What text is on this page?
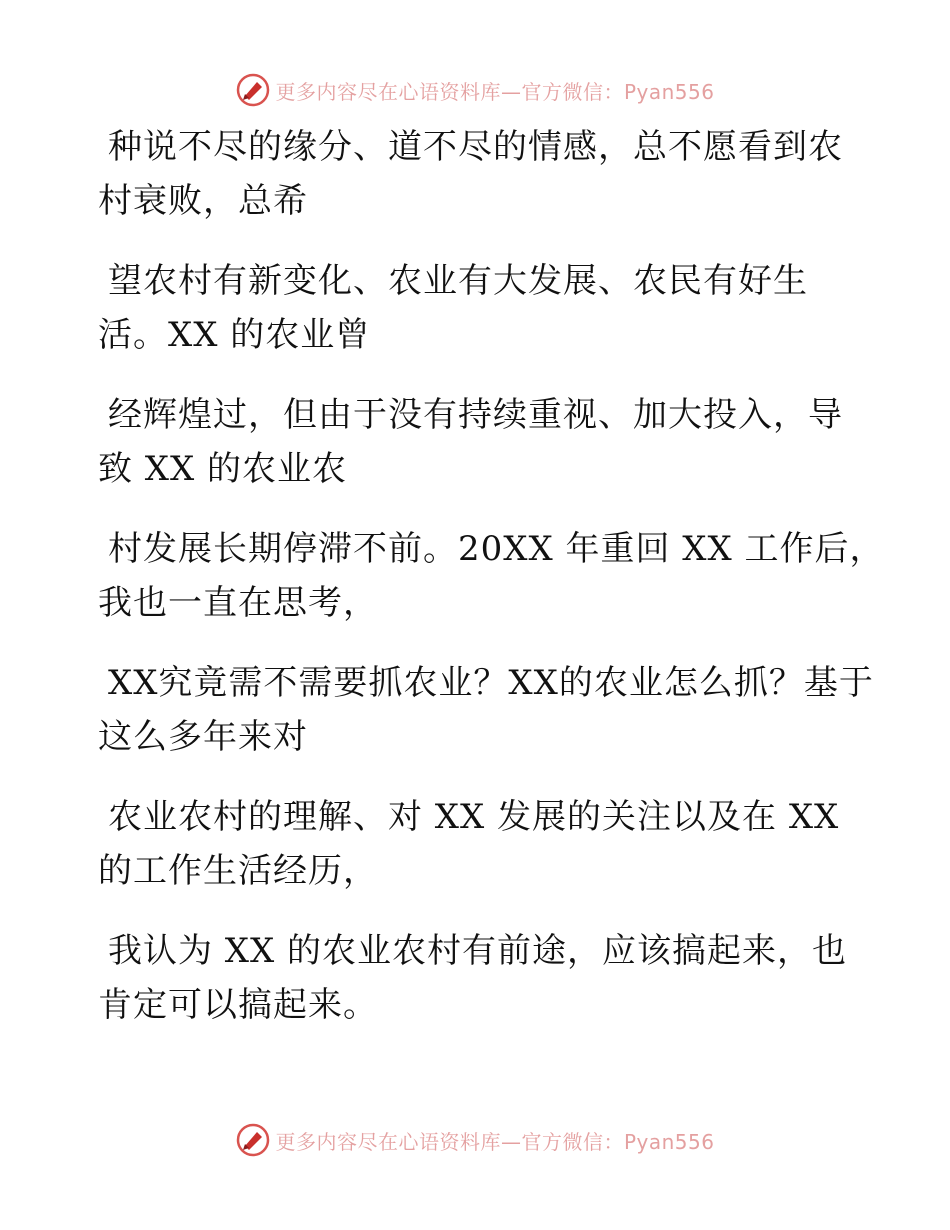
更多内容尽在心语资料库—官方微信：Pyan556

种说不尽的缘分、道不尽的情感，总不愿看到农
村衰败，总希

望农村有新变化、农业有大发展、农民有好生
活。XX 的农业曾

经辉煌过，但由于没有持续重视、加大投入，导
致 XX 的农业农

村发展长期停滞不前。20XX 年重回 XX 工作后，
我也一直在思考，

XX究竟需不需要抓农业？XX的农业怎么抓？基于
这么多年来对

农业农村的理解、对 XX 发展的关注以及在 XX
的工作生活经历，

我认为 XX 的农业农村有前途，应该搞起来，也
肯定可以搞起来。

更多内容尽在心语资料库—官方微信：Pyan556
